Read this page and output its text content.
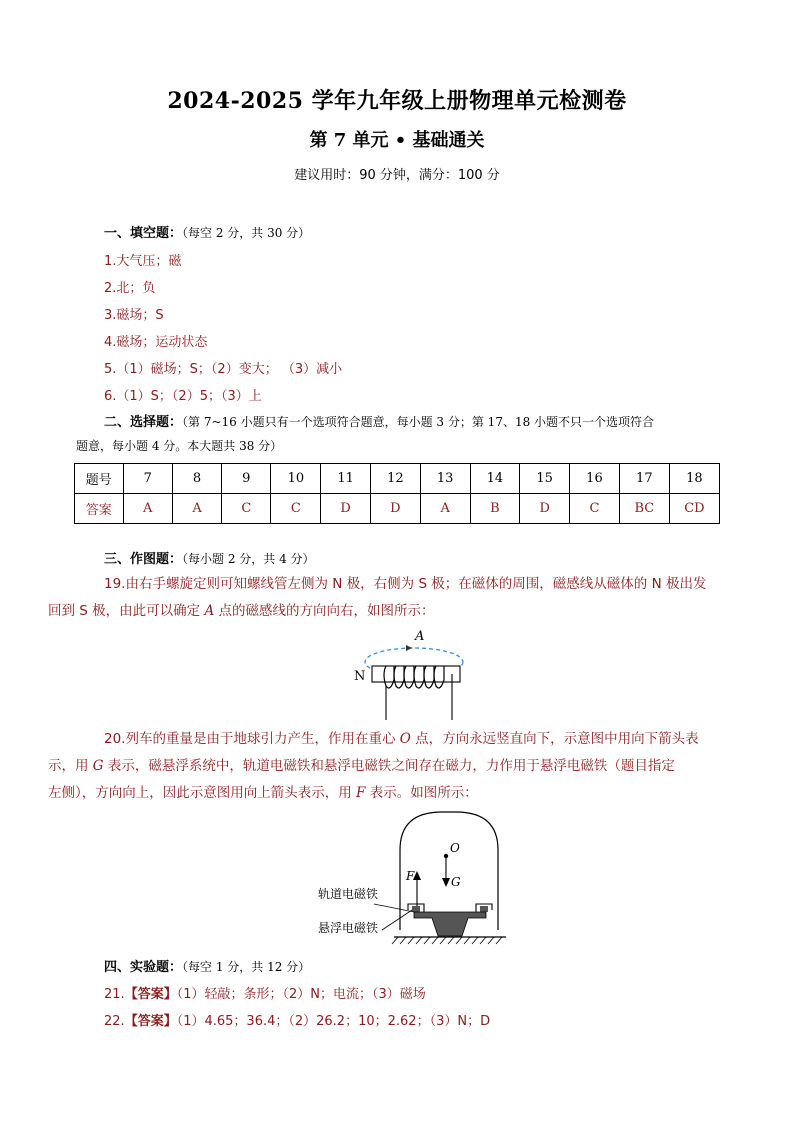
2024-2025 学年九年级上册物理单元检测卷
第 7 单元 • 基础通关
建议用时：90 分钟，满分：100 分
一、填空题：（每空 2 分，共 30 分）
1.大气压；磁
2.北；负
3.磁场；S
4.磁场；运动状态
5.（1）磁场；S；（2）变大； （3）减小
6.（1）S；（2）5；（3）上
二、选择题：（第 7~16 小题只有一个选项符合题意，每小题 3 分；第 17、18 小题不只一个选项符合
题意，每小题 4 分。本大题共 38 分）
题号	7	8	9	10	11	12	13	14	15	16	17	18
答案	A	A	C	C	D	D	A	B	D	C	BC	CD
三、作图题：（每小题 2 分，共 4 分）
19.由右手螺旋定则可知螺线管左侧为 N 极，右侧为 S 极；在磁体的周围，磁感线从磁体的 N 极出发
回到 S 极，由此可以确定 A 点的磁感线的方向向右，如图所示：
A
N
20.列车的重量是由于地球引力产生，作用在重心 O 点，方向永远竖直向下，示意图中用向下箭头表
示，用 G 表示，磁悬浮系统中，轨道电磁铁和悬浮电磁铁之间存在磁力，力作用于悬浮电磁铁（题目指定
左侧），方向向上，因此示意图用向上箭头表示，用 F 表示。如图所示：
O
G
F
轨道电磁铁
悬浮电磁铁
四、实验题：（每空 1 分，共 12 分）
21.【答案】（1）轻敲；条形；（2）N；电流；（3）磁场
22.【答案】（1）4.65；36.4；（2）26.2；10；2.62；（3）N；D
